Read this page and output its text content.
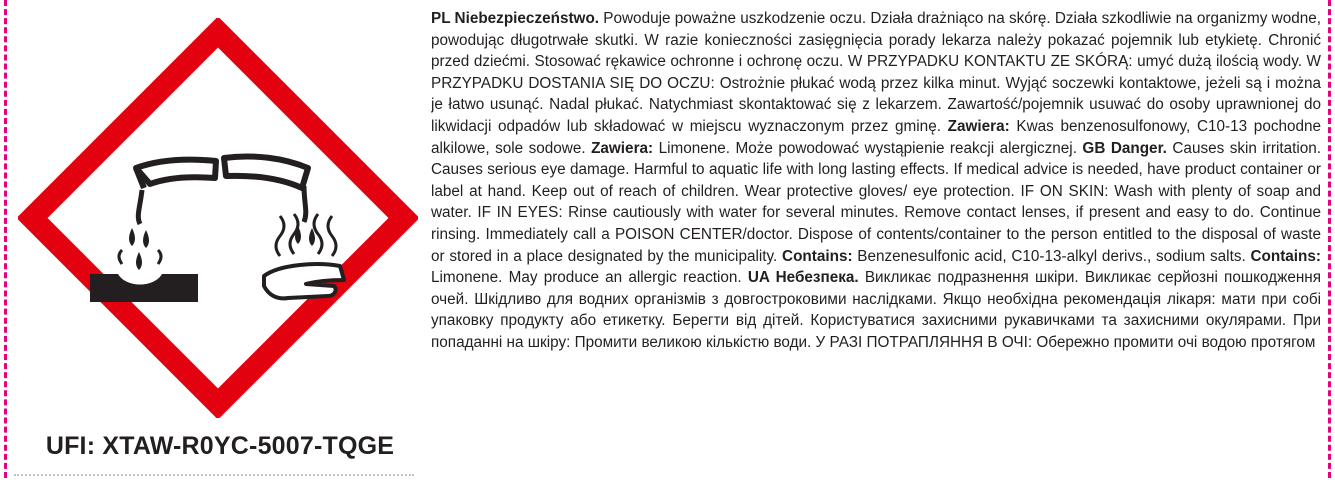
UFI: XTAW-R0YC-5007-TQGE
PL Niebezpieczeństwo. Powoduje poważne uszkodzenie oczu. Działa drażniąco na skórę. Działa szkodliwie na organizmy wodne, powodując długotrwałe skutki. W razie konieczności zasięgnięcia porady lekarza należy pokazać pojemnik lub etykietę. Chronić przed dziećmi. Stosować rękawice ochronne i ochronę oczu. W PRZYPADKU KONTAKTU ZE SKÓRĄ: umyć dużą ilością wody. W PRZYPADKU DOSTANIA SIĘ DO OCZU: Ostrożnie płukać wodą przez kilka minut. Wyjąć soczewki kontaktowe, jeżeli są i można je łatwo usunąć. Nadal płukać. Natychmiast skontaktować się z lekarzem. Zawartość/pojemnik usuwać do osoby uprawnionej do likwidacji odpadów lub składować w miejscu wyznaczonym przez gminę. Zawiera: Kwas benzenosulfonowy, C10-13 pochodne alkilowe, sole sodowe. Zawiera: Limonene. Może powodować wystąpienie reakcji alergicznej. GB Danger. Causes skin irritation. Causes serious eye damage. Harmful to aquatic life with long lasting effects. If medical advice is needed, have product container or label at hand. Keep out of reach of children. Wear protective gloves/ eye protection. IF ON SKIN: Wash with plenty of soap and water. IF IN EYES: Rinse cautiously with water for several minutes. Remove contact lenses, if present and easy to do. Continue rinsing. Immediately call a POISON CENTER/doctor. Dispose of contents/container to the person entitled to the disposal of waste or stored in a place designated by the municipality. Contains: Benzenesulfonic acid, C10-13-alkyl derivs., sodium salts. Contains: Limonene. May produce an allergic reaction. UA Небезпека. Викликає подразнення шкіри. Викликає серйозні пошкодження очей. Шкідливо для водних організмів з довгостроковими наслідками. Якщо необхідна рекомендація лікаря: мати при собі упаковку продукту або етикетку. Берегти від дітей. Користуватися захисними рукавичками та захисними окулярами. При попаданні на шкіру: Промити великою кількістю води. У РАЗІ ПОТРАПЛЯННЯ В ОЧІ: Обережно промити очі водою протягом
